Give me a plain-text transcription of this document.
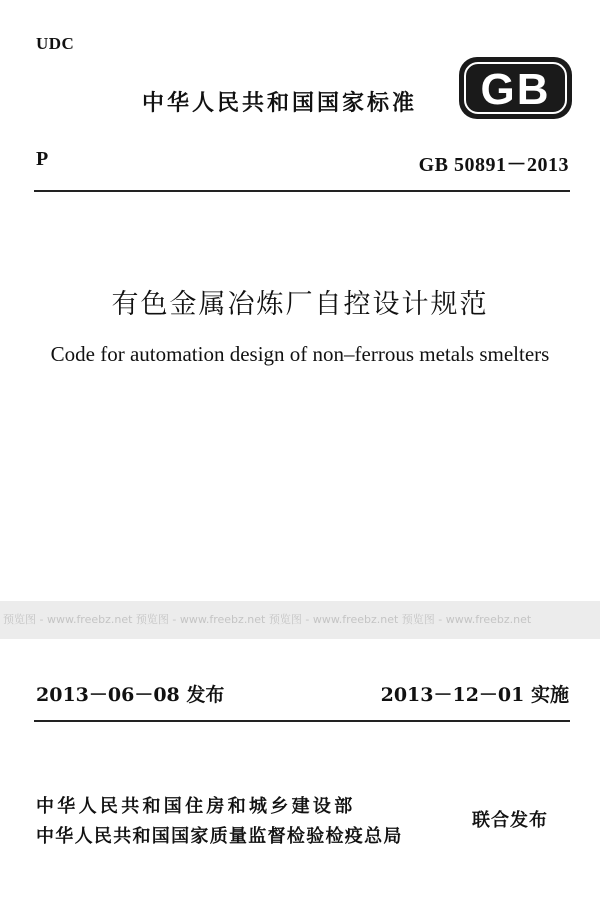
UDC
中华人民共和国国家标准 GB
P	GB 50891－2013
有色金属冶炼厂自控设计规范
Code for automation design of non–ferrous metals smelters
预览图 - www.freebz.net 预览图 - www.freebz.net 预览图 - www.freebz.net 预览图 - www.freebz.net
2013－06－08 发布	2013－12－01 实施
中华人民共和国住房和城乡建设部
中华人民共和国国家质量监督检验检疫总局
联合发布
